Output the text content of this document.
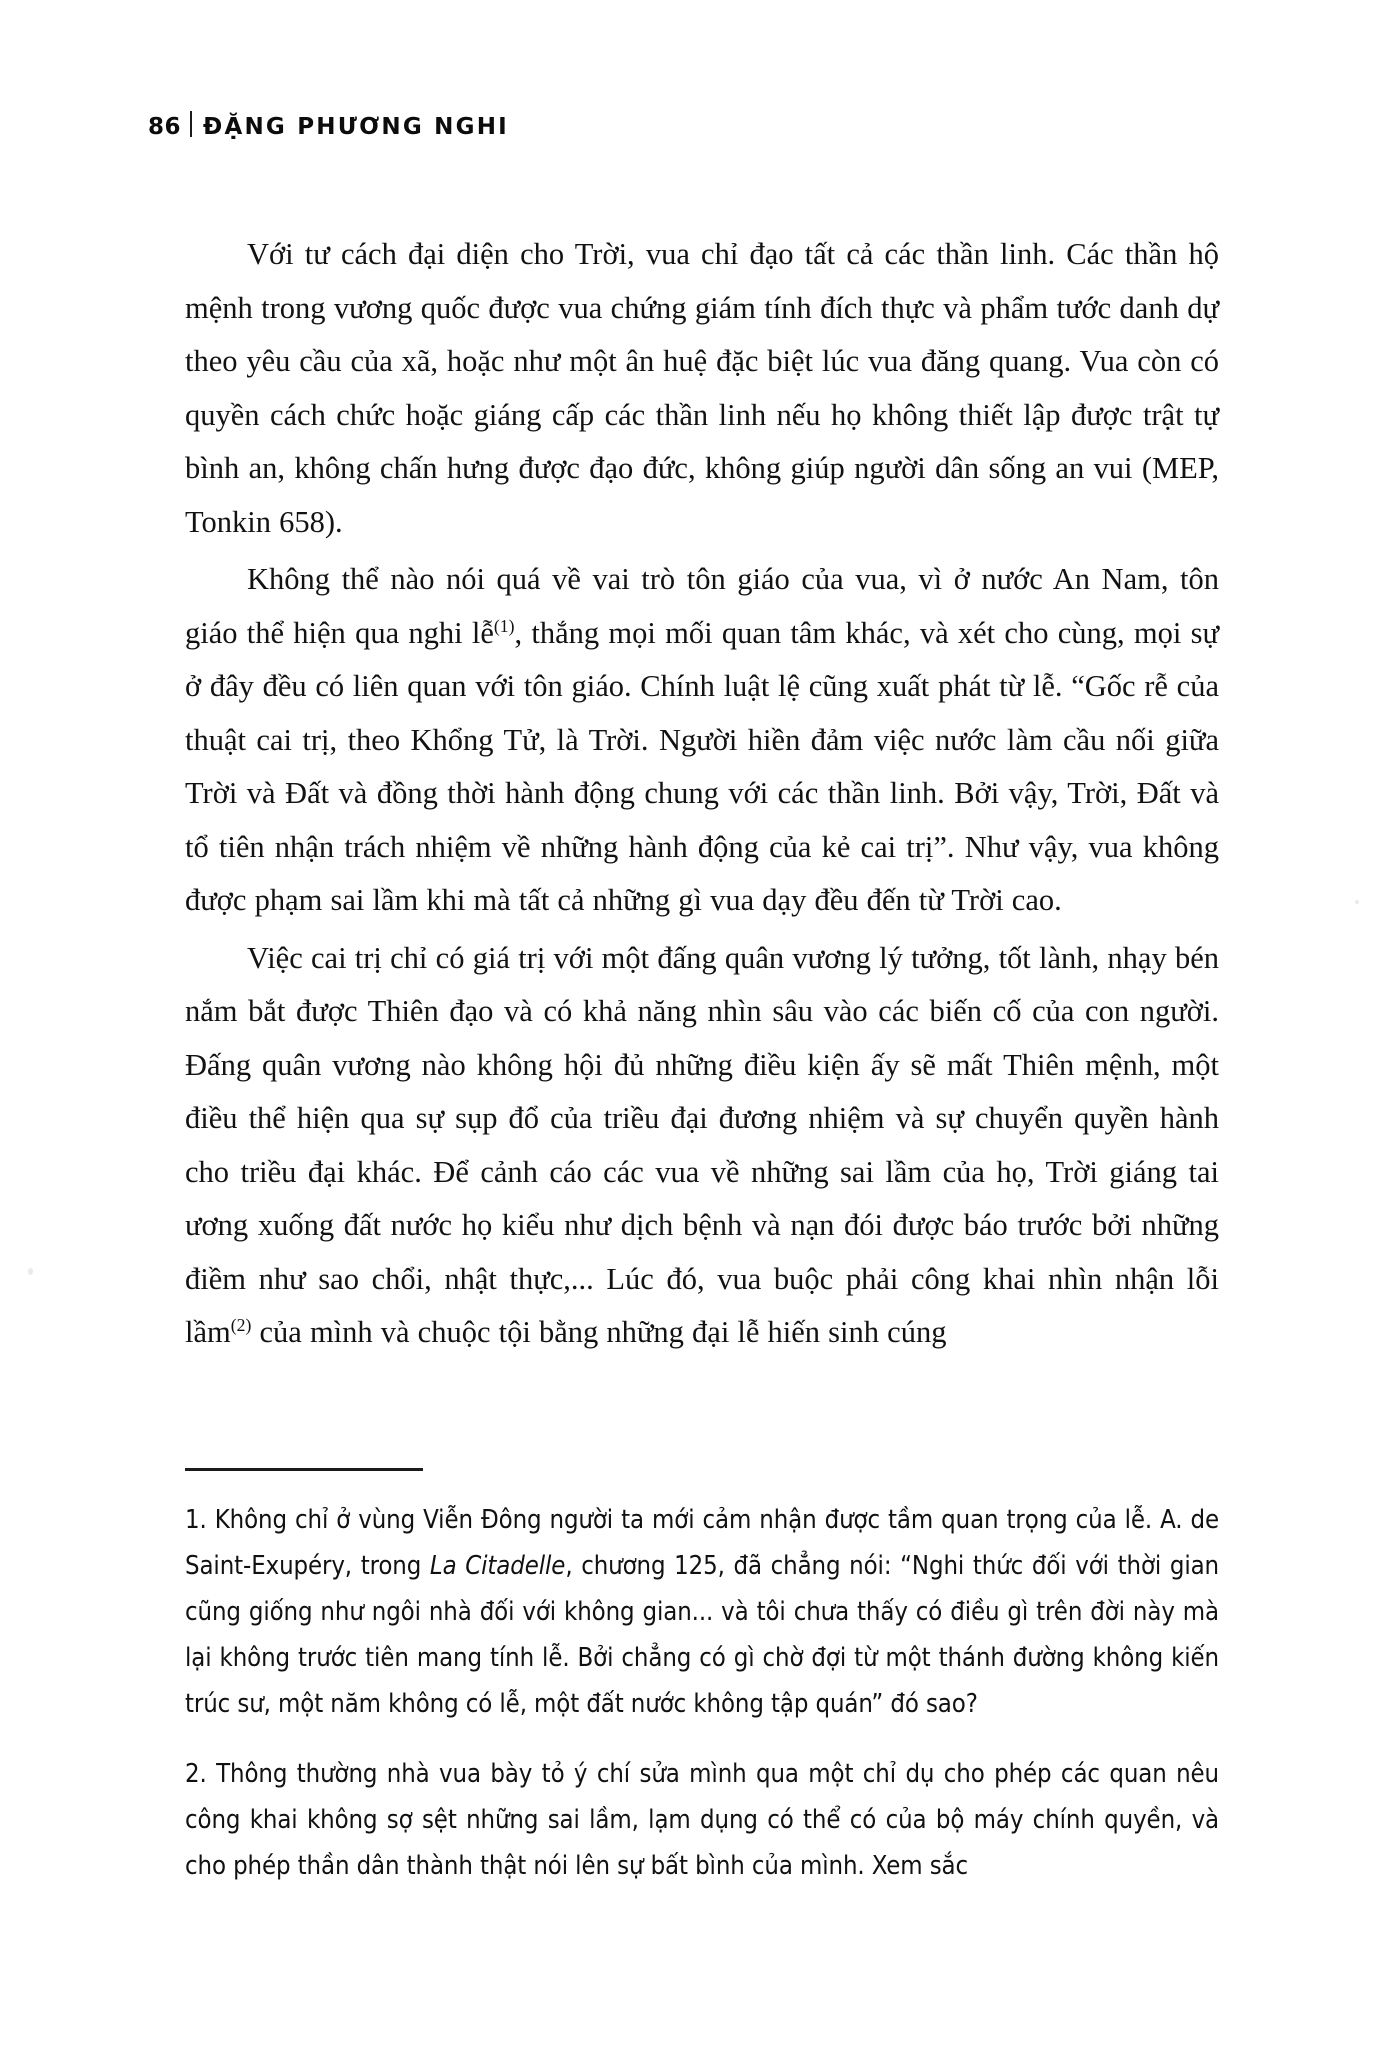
86 ĐẶNG PHƯƠNG NGHI

Với tư cách đại diện cho Trời, vua chỉ đạo tất cả các thần linh. Các thần hộ mệnh trong vương quốc được vua chứng giám tính đích thực và phẩm tước danh dự theo yêu cầu của xã, hoặc như một ân huệ đặc biệt lúc vua đăng quang. Vua còn có quyền cách chức hoặc giáng cấp các thần linh nếu họ không thiết lập được trật tự bình an, không chấn hưng được đạo đức, không giúp người dân sống an vui (MEP, Tonkin 658).

Không thể nào nói quá về vai trò tôn giáo của vua, vì ở nước An Nam, tôn giáo thể hiện qua nghi lễ$^{(1)}$, thắng mọi mối quan tâm khác, và xét cho cùng, mọi sự ở đây đều có liên quan với tôn giáo. Chính luật lệ cũng xuất phát từ lễ. “Gốc rễ của thuật cai trị, theo Khổng Tử, là Trời. Người hiền đảm việc nước làm cầu nối giữa Trời và Đất và đồng thời hành động chung với các thần linh. Bởi vậy, Trời, Đất và tổ tiên nhận trách nhiệm về những hành động của kẻ cai trị”. Như vậy, vua không được phạm sai lầm khi mà tất cả những gì vua dạy đều đến từ Trời cao.

Việc cai trị chỉ có giá trị với một đấng quân vương lý tưởng, tốt lành, nhạy bén nắm bắt được Thiên đạo và có khả năng nhìn sâu vào các biến cố của con người. Đấng quân vương nào không hội đủ những điều kiện ấy sẽ mất Thiên mệnh, một điều thể hiện qua sự sụp đổ của triều đại đương nhiệm và sự chuyển quyền hành cho triều đại khác. Để cảnh cáo các vua về những sai lầm của họ, Trời giáng tai ương xuống đất nước họ kiểu như dịch bệnh và nạn đói được báo trước bởi những điềm như sao chổi, nhật thực,... Lúc đó, vua buộc phải công khai nhìn nhận lỗi lầm$^{(2)}$ của mình và chuộc tội bằng những đại lễ hiến sinh cúng

1. Không chỉ ở vùng Viễn Đông người ta mới cảm nhận được tầm quan trọng của lễ. A. de Saint-Exupéry, trong La Citadelle, chương 125, đã chẳng nói: “Nghi thức đối với thời gian cũng giống như ngôi nhà đối với không gian... và tôi chưa thấy có điều gì trên đời này mà lại không trước tiên mang tính lễ. Bởi chẳng có gì chờ đợi từ một thánh đường không kiến trúc sư, một năm không có lễ, một đất nước không tập quán” đó sao?

2. Thông thường nhà vua bày tỏ ý chí sửa mình qua một chỉ dụ cho phép các quan nêu công khai không sợ sệt những sai lầm, lạm dụng có thể có của bộ máy chính quyền, và cho phép thần dân thành thật nói lên sự bất bình của mình. Xem sắc
